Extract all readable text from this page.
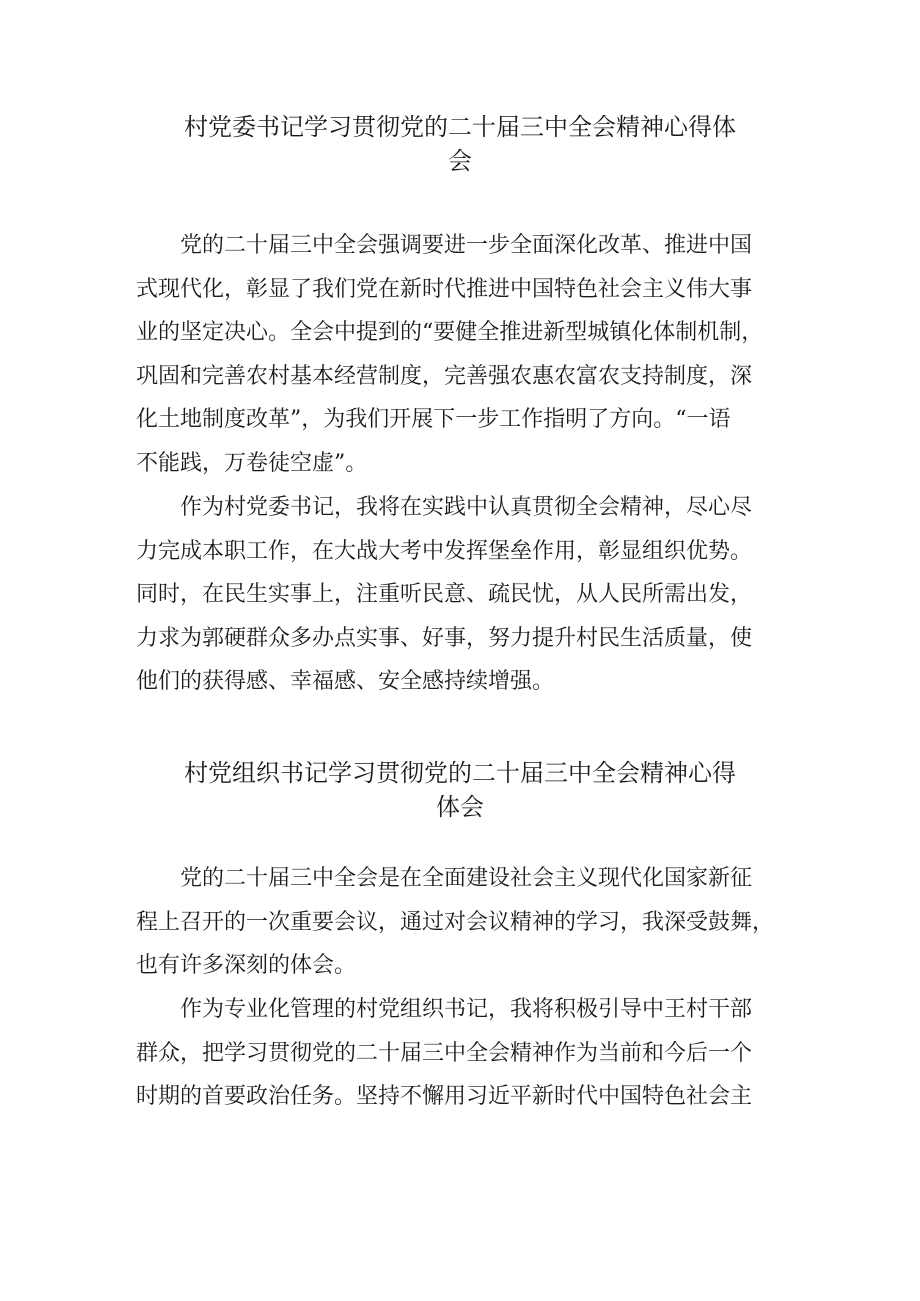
村党委书记学习贯彻党的二十届三中全会精神心得体
会

　　党的二十届三中全会强调要进一步全面深化改革、推进中国
式现代化，彰显了我们党在新时代推进中国特色社会主义伟大事
业的坚定决心。全会中提到的“要健全推进新型城镇化体制机制，
巩固和完善农村基本经营制度，完善强农惠农富农支持制度，深
化土地制度改革”，为我们开展下一步工作指明了方向。“一语
不能践，万卷徒空虚”。

　　作为村党委书记，我将在实践中认真贯彻全会精神，尽心尽
力完成本职工作，在大战大考中发挥堡垒作用，彰显组织优势。
同时，在民生实事上，注重听民意、疏民忧，从人民所需出发，
力求为郭硬群众多办点实事、好事，努力提升村民生活质量，使
他们的获得感、幸福感、安全感持续增强。

村党组织书记学习贯彻党的二十届三中全会精神心得
体会

　　党的二十届三中全会是在全面建设社会主义现代化国家新征
程上召开的一次重要会议，通过对会议精神的学习，我深受鼓舞，
也有许多深刻的体会。

　　作为专业化管理的村党组织书记，我将积极引导中王村干部
群众，把学习贯彻党的二十届三中全会精神作为当前和今后一个
时期的首要政治任务。坚持不懈用习近平新时代中国特色社会主
